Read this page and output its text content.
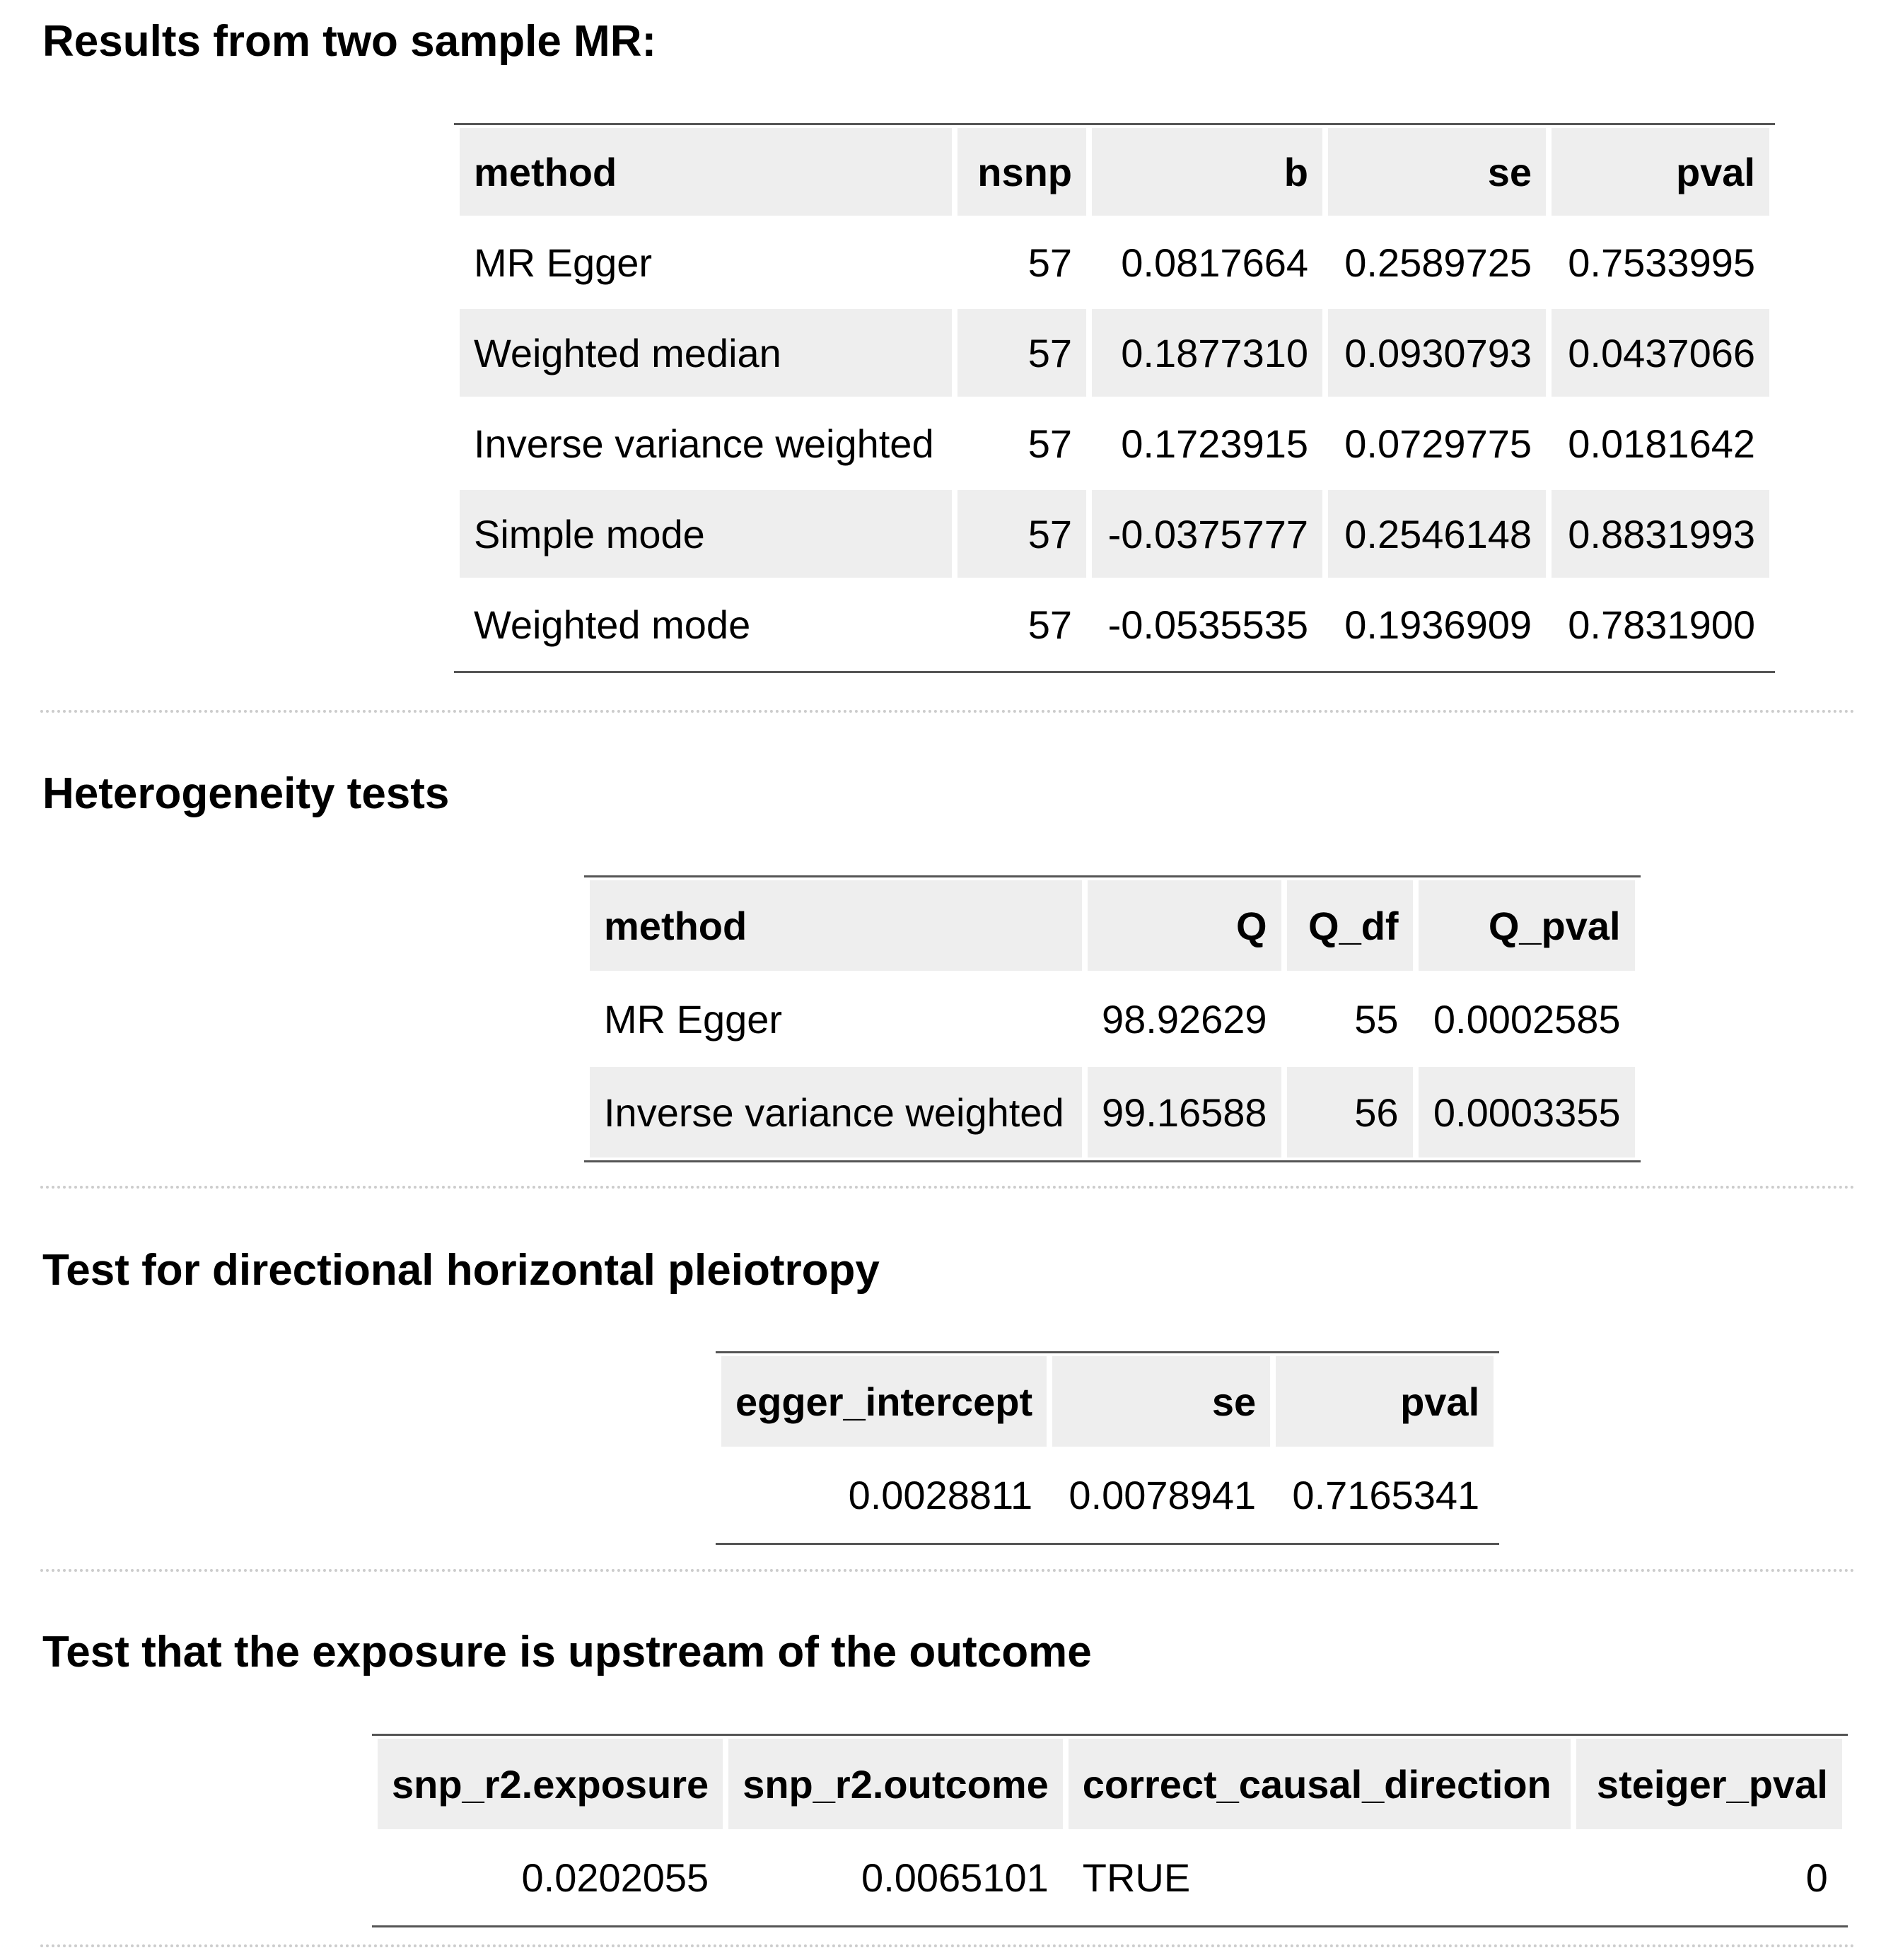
Results from two sample MR:
method	nsnp	b	se	pval
MR Egger	57	0.0817664	0.2589725	0.7533995
Weighted median	57	0.1877310	0.0930793	0.0437066
Inverse variance weighted	57	0.1723915	0.0729775	0.0181642
Simple mode	57	-0.0375777	0.2546148	0.8831993
Weighted mode	57	-0.0535535	0.1936909	0.7831900
Heterogeneity tests
method	Q	Q_df	Q_pval
MR Egger	98.92629	55	0.0002585
Inverse variance weighted	99.16588	56	0.0003355
Test for directional horizontal pleiotropy
egger_intercept	se	pval
0.0028811	0.0078941	0.7165341
Test that the exposure is upstream of the outcome
snp_r2.exposure	snp_r2.outcome	correct_causal_direction	steiger_pval
0.0202055	0.0065101	TRUE	0
